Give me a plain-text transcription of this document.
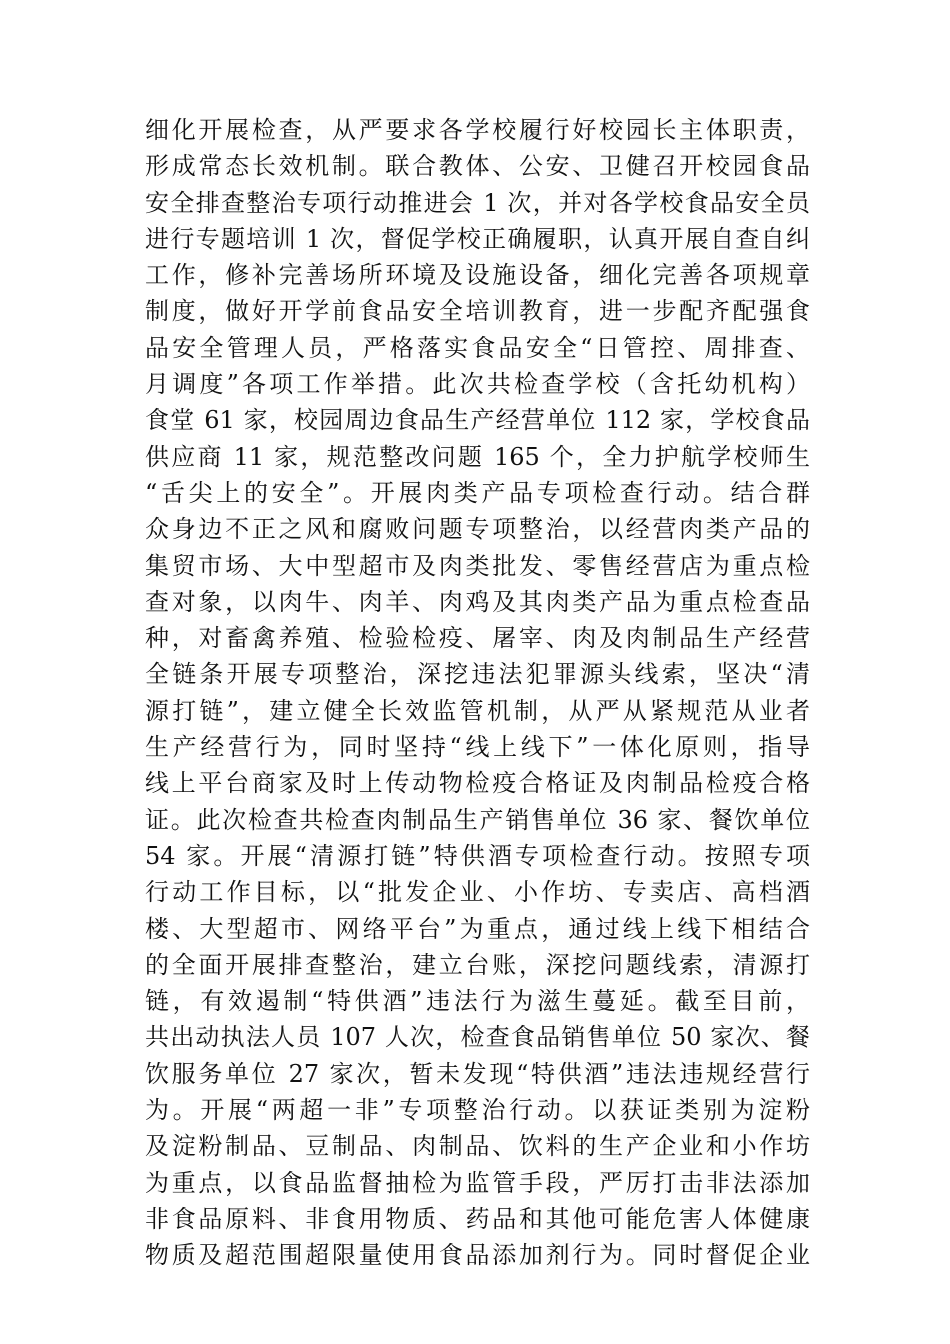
细化开展检查，从严要求各学校履行好校园长主体职责，
形成常态长效机制。联合教体、公安、卫健召开校园食品
安全排查整治专项行动推进会 1 次，并对各学校食品安全员
进行专题培训 1 次，督促学校正确履职，认真开展自查自纠
工作，修补完善场所环境及设施设备，细化完善各项规章
制度，做好开学前食品安全培训教育，进一步配齐配强食
品安全管理人员，严格落实食品安全“日管控、周排查、
月调度”各项工作举措。此次共检查学校（含托幼机构）
食堂 61 家，校园周边食品生产经营单位 112 家，学校食品
供应商 11 家，规范整改问题 165 个，全力护航学校师生
“舌尖上的安全”。开展肉类产品专项检查行动。结合群
众身边不正之风和腐败问题专项整治，以经营肉类产品的
集贸市场、大中型超市及肉类批发、零售经营店为重点检
查对象，以肉牛、肉羊、肉鸡及其肉类产品为重点检查品
种，对畜禽养殖、检验检疫、屠宰、肉及肉制品生产经营
全链条开展专项整治，深挖违法犯罪源头线索，坚决“清
源打链”，建立健全长效监管机制，从严从紧规范从业者
生产经营行为，同时坚持“线上线下”一体化原则，指导
线上平台商家及时上传动物检疫合格证及肉制品检疫合格
证。此次检查共检查肉制品生产销售单位 36 家、餐饮单位
54 家。开展“清源打链”特供酒专项检查行动。按照专项
行动工作目标，以“批发企业、小作坊、专卖店、高档酒
楼、大型超市、网络平台”为重点，通过线上线下相结合
的全面开展排查整治，建立台账，深挖问题线索，清源打
链，有效遏制“特供酒”违法行为滋生蔓延。截至目前，
共出动执法人员 107 人次，检查食品销售单位 50 家次、餐
饮服务单位 27 家次，暂未发现“特供酒”违法违规经营行
为。开展“两超一非”专项整治行动。以获证类别为淀粉
及淀粉制品、豆制品、肉制品、饮料的生产企业和小作坊
为重点，以食品监督抽检为监管手段，严厉打击非法添加
非食品原料、非食用物质、药品和其他可能危害人体健康
物质及超范围超限量使用食品添加剂行为。同时督促企业
